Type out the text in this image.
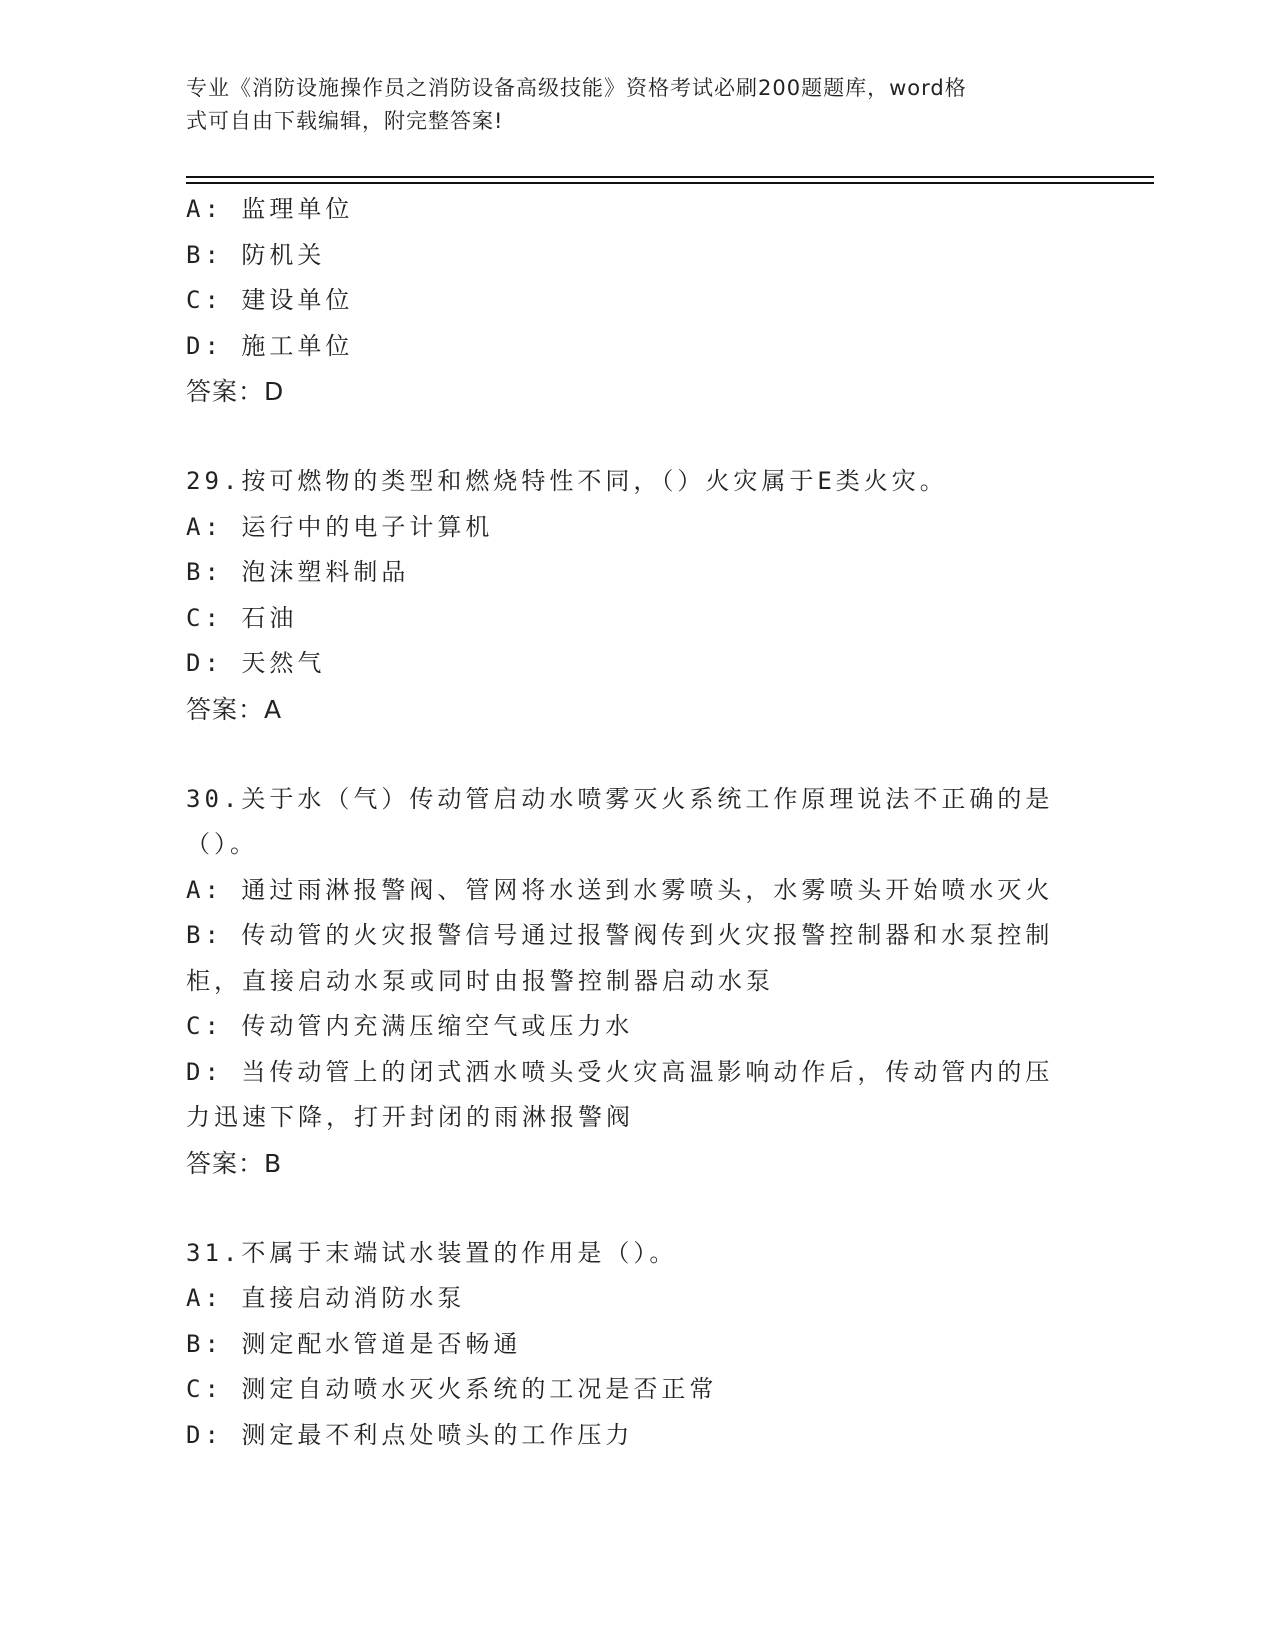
专业《消防设施操作员之消防设备高级技能》资格考试必刷200题题库，word格
式可自由下载编辑，附完整答案!
A: 监理单位
B: 防机关
C: 建设单位
D: 施工单位
答案：D
29.按可燃物的类型和燃烧特性不同，（）火灾属于E类火灾。
A: 运行中的电子计算机
B: 泡沫塑料制品
C: 石油
D: 天然气
答案：A
30.关于水（气）传动管启动水喷雾灭火系统工作原理说法不正确的是
（）。
A: 通过雨淋报警阀、管网将水送到水雾喷头，水雾喷头开始喷水灭火
B: 传动管的火灾报警信号通过报警阀传到火灾报警控制器和水泵控制
柜，直接启动水泵或同时由报警控制器启动水泵
C: 传动管内充满压缩空气或压力水
D: 当传动管上的闭式洒水喷头受火灾高温影响动作后，传动管内的压
力迅速下降，打开封闭的雨淋报警阀
答案：B
31.不属于末端试水装置的作用是（）。
A: 直接启动消防水泵
B: 测定配水管道是否畅通
C: 测定自动喷水灭火系统的工况是否正常
D: 测定最不利点处喷头的工作压力
